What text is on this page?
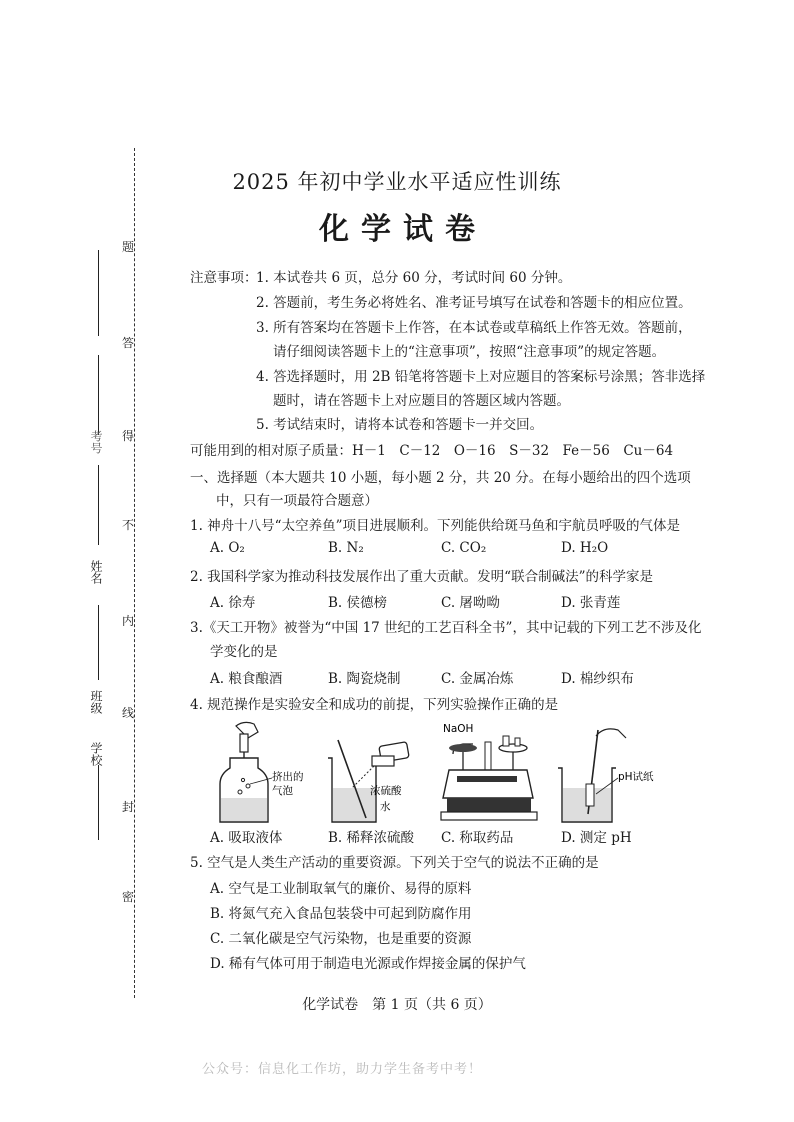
考号
姓名
班级
学校
题
答
得
不
内
线
封
密
2025 年初中学业水平适应性训练
化学试卷
注意事项：
1. 本试卷共 6 页，总分 60 分，考试时间 60 分钟。
2. 答题前，考生务必将姓名、准考证号填写在试卷和答题卡的相应位置。
3. 所有答案均在答题卡上作答，在本试卷或草稿纸上作答无效。答题前，
请仔细阅读答题卡上的“注意事项”，按照“注意事项”的规定答题。
4. 答选择题时，用 2B 铅笔将答题卡上对应题目的答案标号涂黑；答非选择
题时，请在答题卡上对应题目的答题区域内答题。
5. 考试结束时，请将本试卷和答题卡一并交回。
可能用到的相对原子质量：H－1　C－12　O－16　S－32　Fe－56　Cu－64
一、选择题（本大题共 10 小题，每小题 2 分，共 20 分。在每小题给出的四个选项
中，只有一项最符合题意）
1. 神舟十八号“太空养鱼”项目进展顺利。下列能供给斑马鱼和宇航员呼吸的气体是
A. O₂	B. N₂	C. CO₂	D. H₂O
2. 我国科学家为推动科技发展作出了重大贡献。发明“联合制碱法”的科学家是
A. 徐寿	B. 侯德榜	C. 屠呦呦	D. 张青莲
3.《天工开物》被誉为“中国 17 世纪的工艺百科全书”，其中记载的下列工艺不涉及化
学变化的是
A. 粮食酿酒	B. 陶瓷烧制	C. 金属冶炼	D. 棉纱织布
4. 规范操作是实验安全和成功的前提，下列实验操作正确的是
挤出的
气泡	浓硫酸
水
NaOH
pH试纸
A. 吸取液体	B. 稀释浓硫酸 C. 称取药品	D. 测定 pH
5. 空气是人类生产活动的重要资源。下列关于空气的说法不正确的是
A. 空气是工业制取氧气的廉价、易得的原料
B. 将氮气充入食品包装袋中可起到防腐作用
C. 二氧化碳是空气污染物，也是重要的资源
D. 稀有气体可用于制造电光源或作焊接金属的保护气
化学试卷　第 1 页（共 6 页）
公众号：信息化工作坊，助力学生备考中考！
